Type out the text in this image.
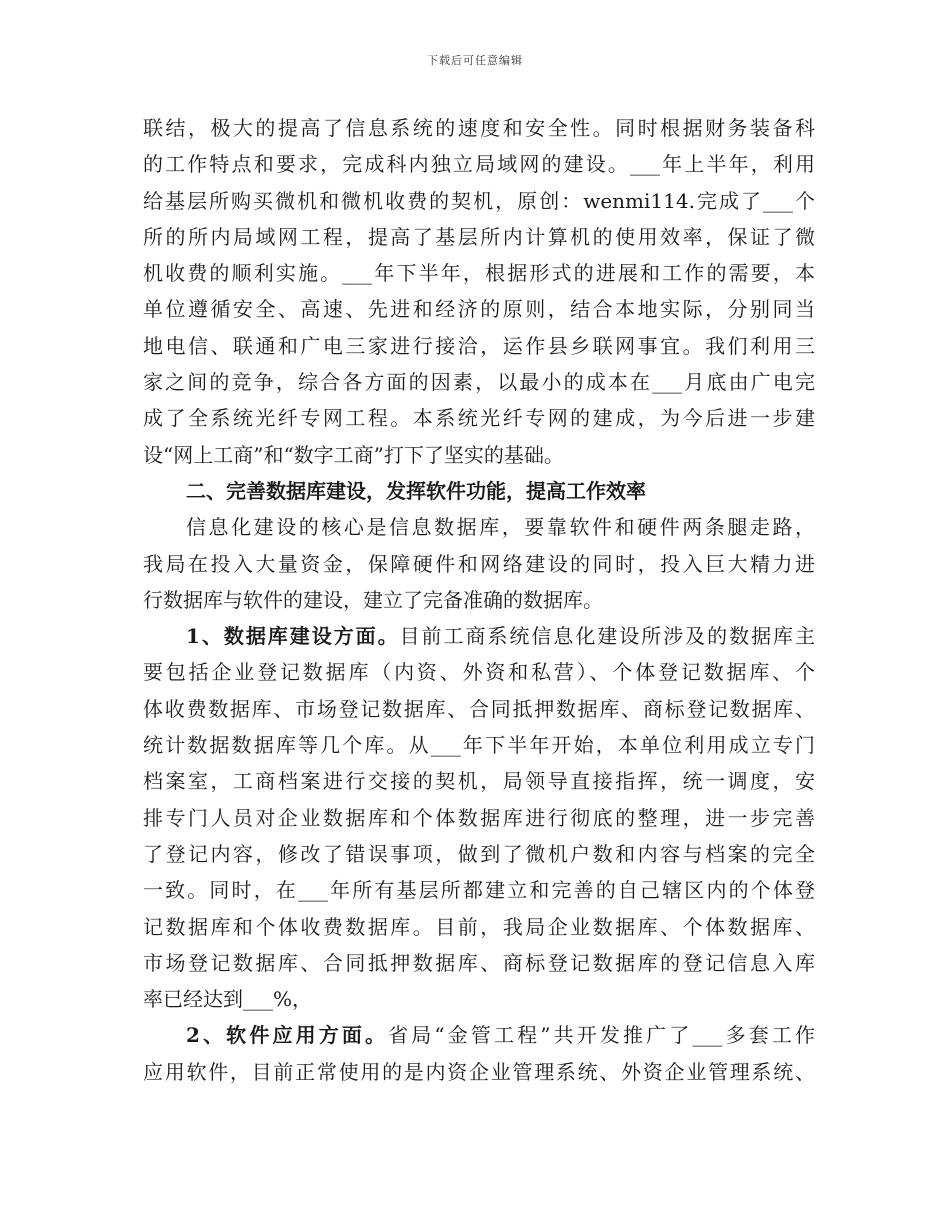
下载后可任意编辑
联结，极大的提高了信息系统的速度和安全性。同时根据财务装备科
的工作特点和要求，完成科内独立局域网的建设。___年上半年，利用
给基层所购买微机和微机收费的契机，原创：wenmi114.完成了___个
所的所内局域网工程，提高了基层所内计算机的使用效率，保证了微
机收费的顺利实施。___年下半年，根据形式的进展和工作的需要，本
单位遵循安全、高速、先进和经济的原则，结合本地实际，分别同当
地电信、联通和广电三家进行接洽，运作县乡联网事宜。我们利用三
家之间的竞争，综合各方面的因素，以最小的成本在___月底由广电完
成了全系统光纤专网工程。本系统光纤专网的建成，为今后进一步建
设“网上工商”和“数字工商”打下了坚实的基础。
二、完善数据库建设，发挥软件功能，提高工作效率
信息化建设的核心是信息数据库，要靠软件和硬件两条腿走路，
我局在投入大量资金，保障硬件和网络建设的同时，投入巨大精力进
行数据库与软件的建设，建立了完备准确的数据库。
1、数据库建设方面。目前工商系统信息化建设所涉及的数据库主
要包括企业登记数据库（内资、外资和私营）、个体登记数据库、个
体收费数据库、市场登记数据库、合同抵押数据库、商标登记数据库、
统计数据数据库等几个库。从___年下半年开始，本单位利用成立专门
档案室，工商档案进行交接的契机，局领导直接指挥，统一调度，安
排专门人员对企业数据库和个体数据库进行彻底的整理，进一步完善
了登记内容，修改了错误事项，做到了微机户数和内容与档案的完全
一致。同时，在___年所有基层所都建立和完善的自己辖区内的个体登
记数据库和个体收费数据库。目前，我局企业数据库、个体数据库、
市场登记数据库、合同抵押数据库、商标登记数据库的登记信息入库
率已经达到___%，
2、软件应用方面。省局“金管工程”共开发推广了___多套工作
应用软件，目前正常使用的是内资企业管理系统、外资企业管理系统、
